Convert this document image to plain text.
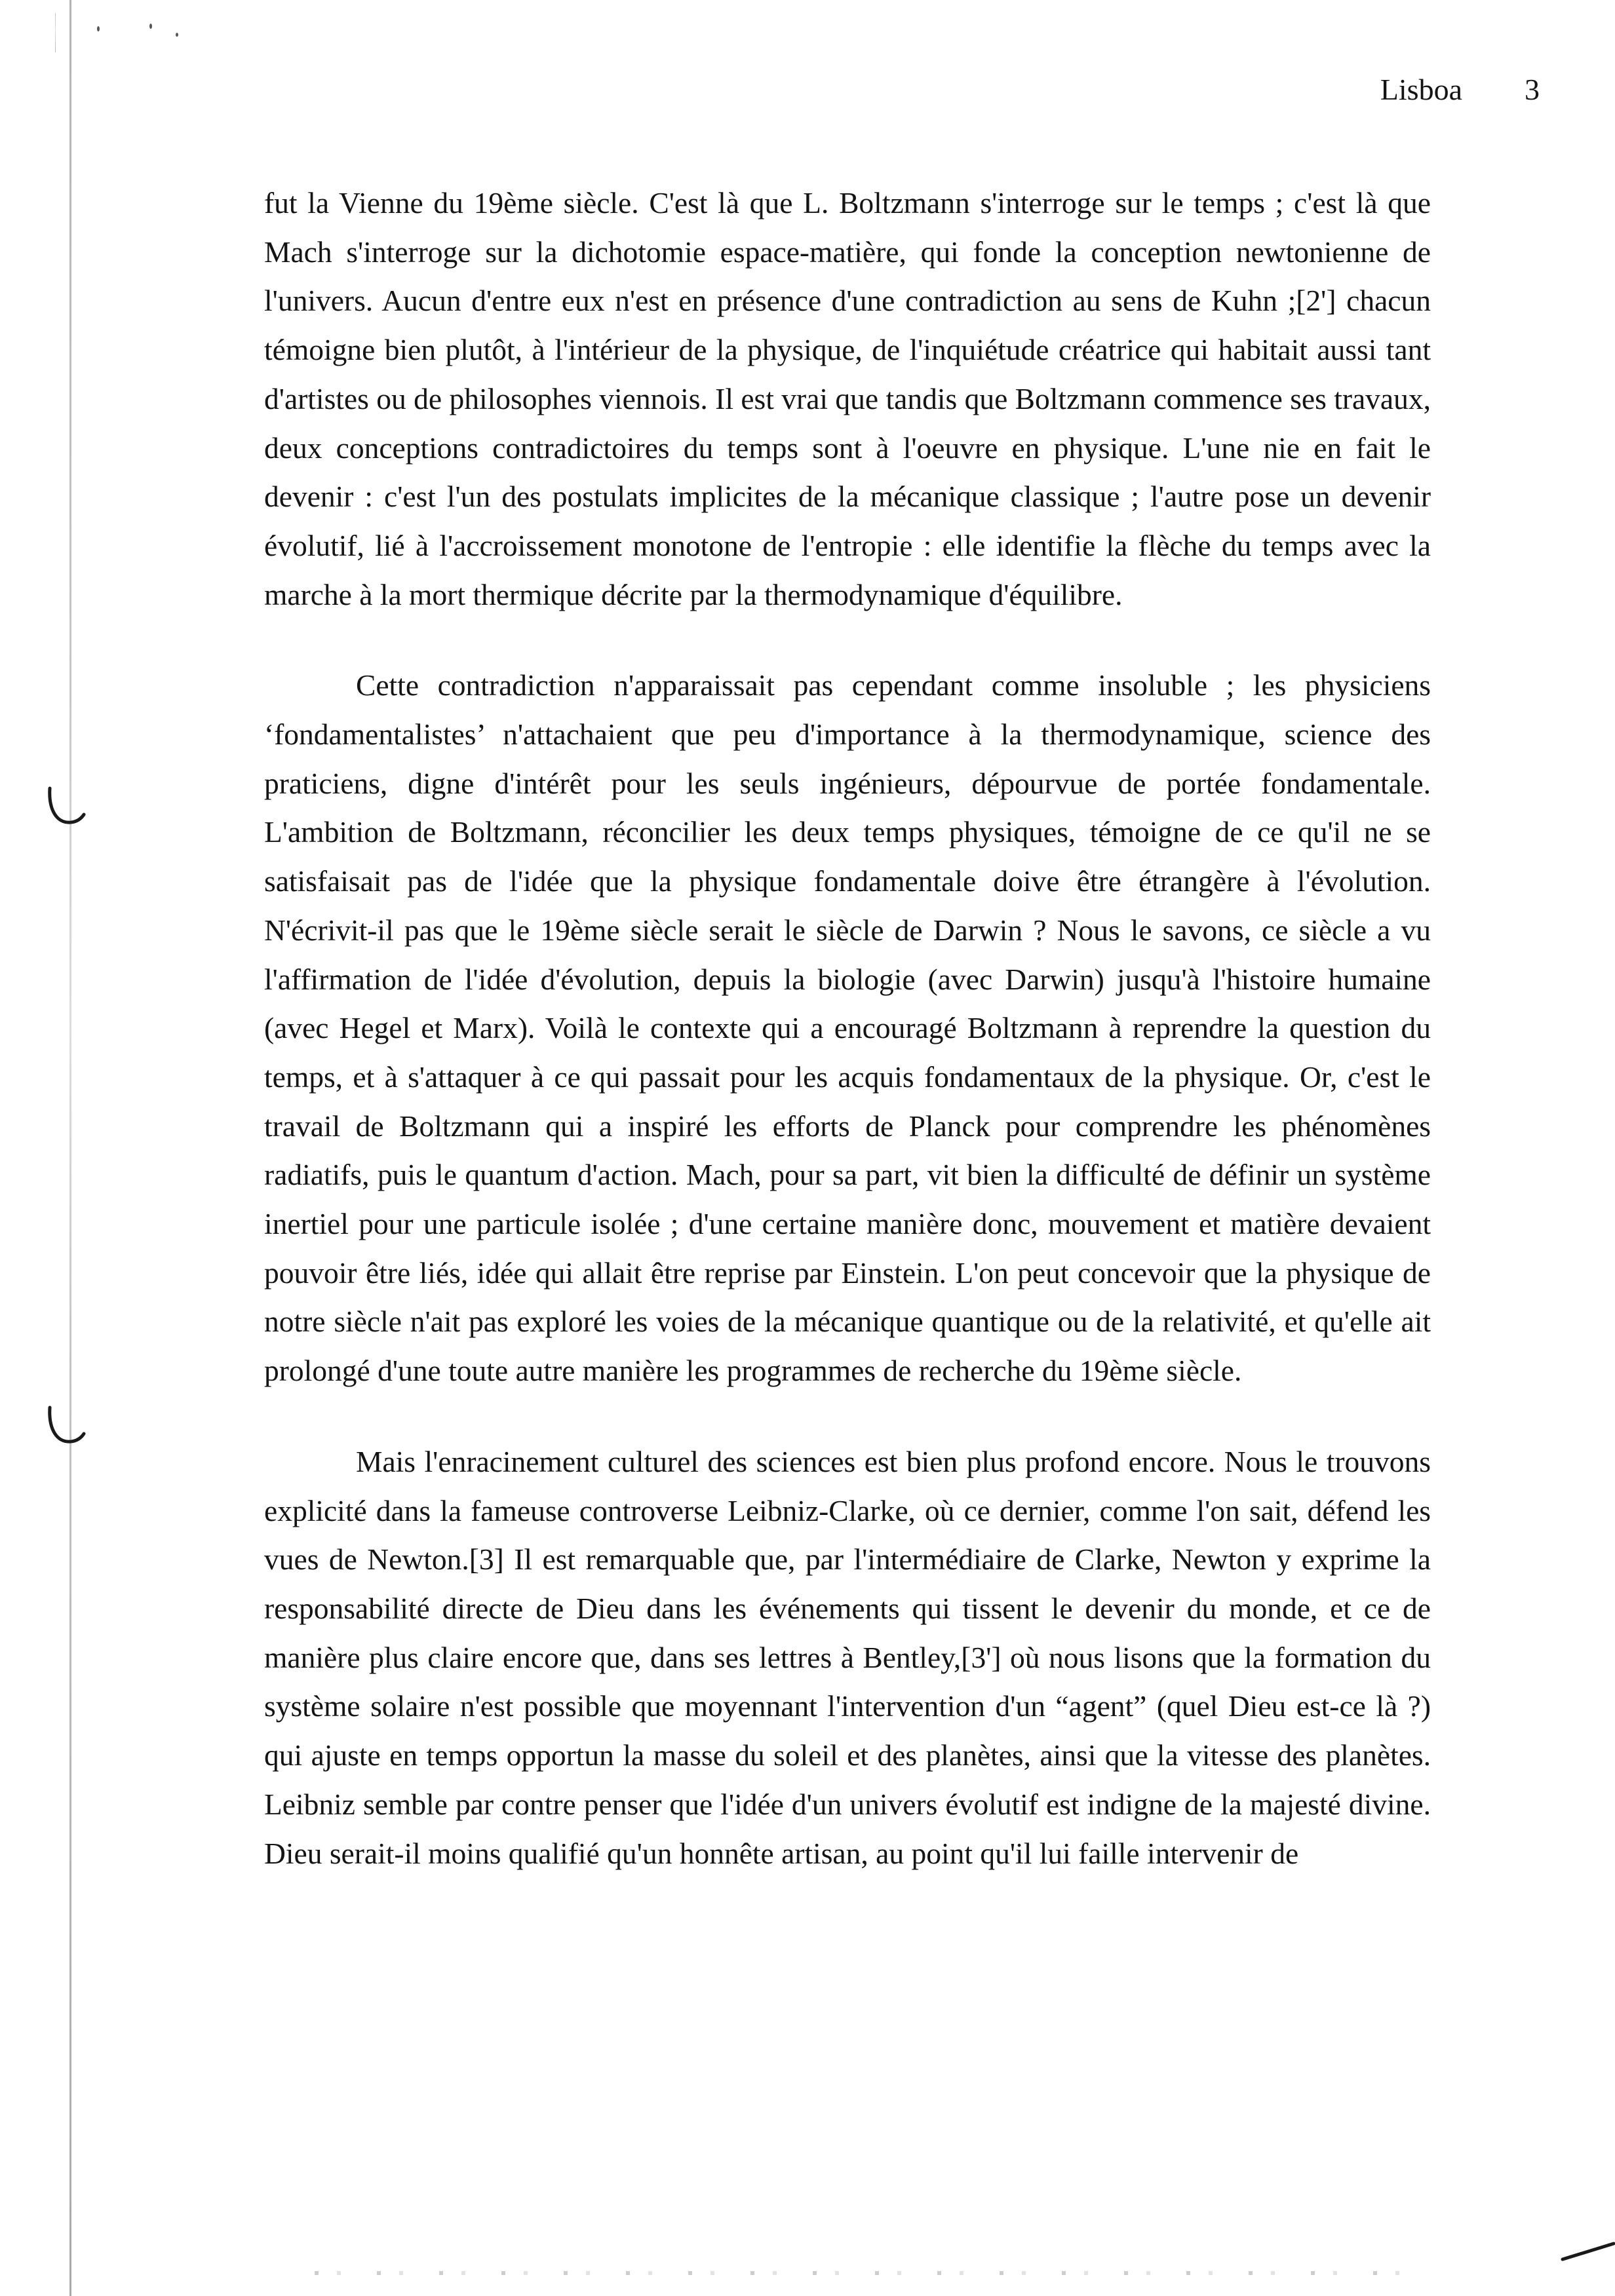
Lisboa 3

fut la Vienne du 19ème siècle. C'est là que L. Boltzmann s'interroge sur le temps ; c'est là que Mach s'interroge sur la dichotomie espace-matière, qui fonde la conception newtonienne de l'univers. Aucun d'entre eux n'est en présence d'une contradiction au sens de Kuhn ;[2'] chacun témoigne bien plutôt, à l'intérieur de la physique, de l'inquiétude créatrice qui habitait aussi tant d'artistes ou de philosophes viennois. Il est vrai que tandis que Boltzmann commence ses travaux, deux conceptions contradictoires du temps sont à l'oeuvre en physique. L'une nie en fait le devenir : c'est l'un des postulats implicites de la mécanique classique ; l'autre pose un devenir évolutif, lié à l'accroissement monotone de l'entropie : elle identifie la flèche du temps avec la marche à la mort thermique décrite par la thermodynamique d'équilibre.

Cette contradiction n'apparaissait pas cependant comme insoluble ; les physiciens ‘fondamentalistes’ n'attachaient que peu d'importance à la thermodynamique, science des praticiens, digne d'intérêt pour les seuls ingénieurs, dépourvue de portée fondamentale. L'ambition de Boltzmann, réconcilier les deux temps physiques, témoigne de ce qu'il ne se satisfaisait pas de l'idée que la physique fondamentale doive être étrangère à l'évolution. N'écrivit-il pas que le 19ème siècle serait le siècle de Darwin ? Nous le savons, ce siècle a vu l'affirmation de l'idée d'évolution, depuis la biologie (avec Darwin) jusqu'à l'histoire humaine (avec Hegel et Marx). Voilà le contexte qui a encouragé Boltzmann à reprendre la question du temps, et à s'attaquer à ce qui passait pour les acquis fondamentaux de la physique. Or, c'est le travail de Boltzmann qui a inspiré les efforts de Planck pour comprendre les phénomènes radiatifs, puis le quantum d'action. Mach, pour sa part, vit bien la difficulté de définir un système inertiel pour une particule isolée ; d'une certaine manière donc, mouvement et matière devaient pouvoir être liés, idée qui allait être reprise par Einstein. L'on peut concevoir que la physique de notre siècle n'ait pas exploré les voies de la mécanique quantique ou de la relativité, et qu'elle ait prolongé d'une toute autre manière les programmes de recherche du 19ème siècle.

Mais l'enracinement culturel des sciences est bien plus profond encore. Nous le trouvons explicité dans la fameuse controverse Leibniz-Clarke, où ce dernier, comme l'on sait, défend les vues de Newton.[3] Il est remarquable que, par l'intermédiaire de Clarke, Newton y exprime la responsabilité directe de Dieu dans les événements qui tissent le devenir du monde, et ce de manière plus claire encore que, dans ses lettres à Bentley,[3'] où nous lisons que la formation du système solaire n'est possible que moyennant l'intervention d'un “agent” (quel Dieu est-ce là ?) qui ajuste en temps opportun la masse du soleil et des planètes, ainsi que la vitesse des planètes. Leibniz semble par contre penser que l'idée d'un univers évolutif est indigne de la majesté divine. Dieu serait-il moins qualifié qu'un honnête artisan, au point qu'il lui faille intervenir de
